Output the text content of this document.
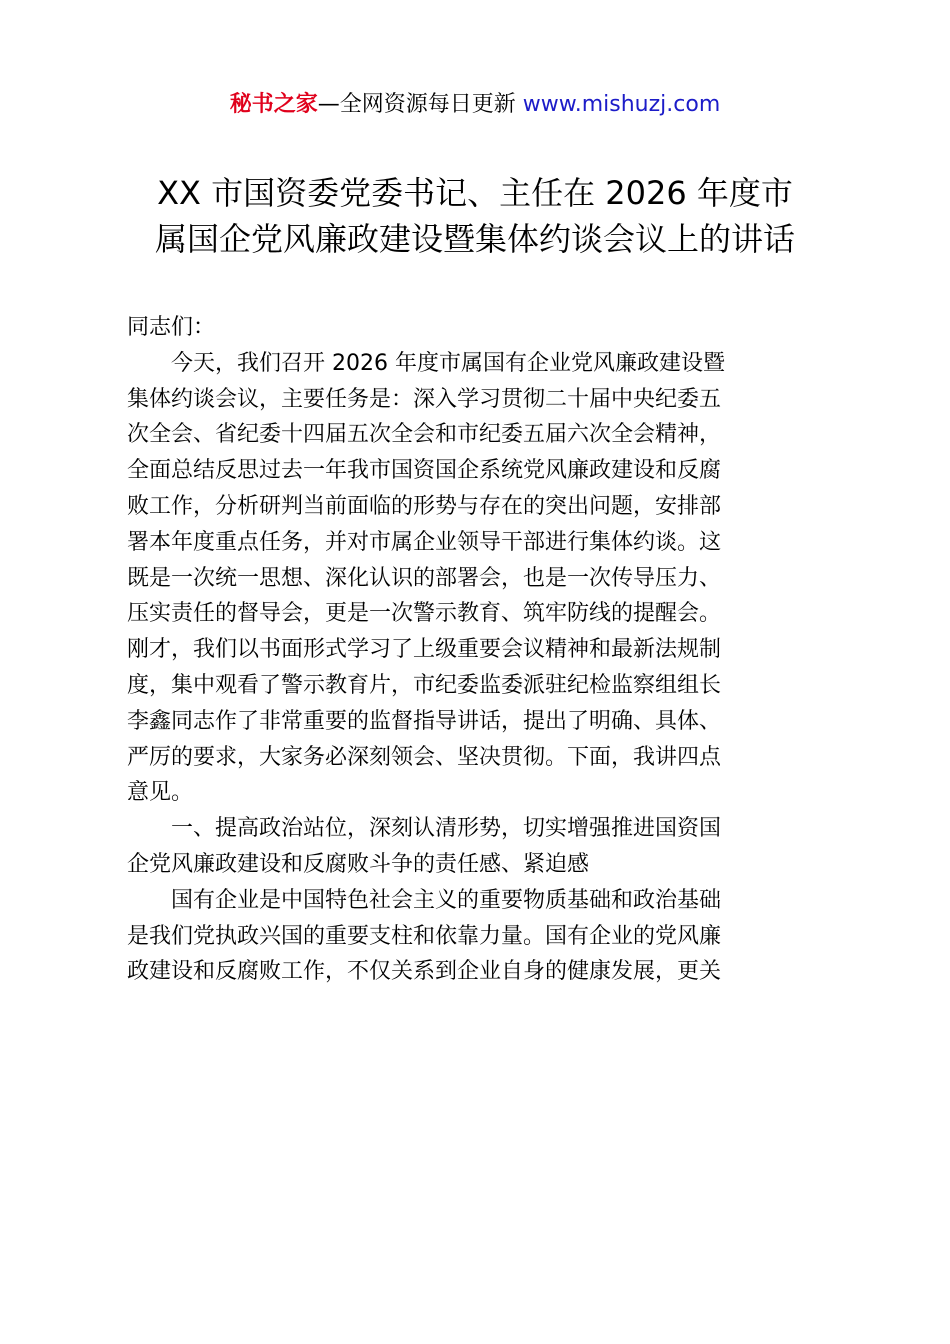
秘书之家—全网资源每日更新 www.mishuzj.com
XX 市国资委党委书记、主任在 2026 年度市
属国企党风廉政建设暨集体约谈会议上的讲话

同志们：

今天，我们召开 2026 年度市属国有企业党风廉政建设暨

集体约谈会议，主要任务是：深入学习贯彻二十届中央纪委五

次全会、省纪委十四届五次全会和市纪委五届六次全会精神，

全面总结反思过去一年我市国资国企系统党风廉政建设和反腐

败工作，分析研判当前面临的形势与存在的突出问题，安排部

署本年度重点任务，并对市属企业领导干部进行集体约谈。这

既是一次统一思想、深化认识的部署会，也是一次传导压力、

压实责任的督导会，更是一次警示教育、筑牢防线的提醒会。

刚才，我们以书面形式学习了上级重要会议精神和最新法规制

度，集中观看了警示教育片，市纪委监委派驻纪检监察组组长

李鑫同志作了非常重要的监督指导讲话，提出了明确、具体、

严厉的要求，大家务必深刻领会、坚决贯彻。下面，我讲四点

意见。

一、提高政治站位，深刻认清形势，切实增强推进国资国

企党风廉政建设和反腐败斗争的责任感、紧迫感

国有企业是中国特色社会主义的重要物质基础和政治基础

是我们党执政兴国的重要支柱和依靠力量。国有企业的党风廉

政建设和反腐败工作，不仅关系到企业自身的健康发展，更关
